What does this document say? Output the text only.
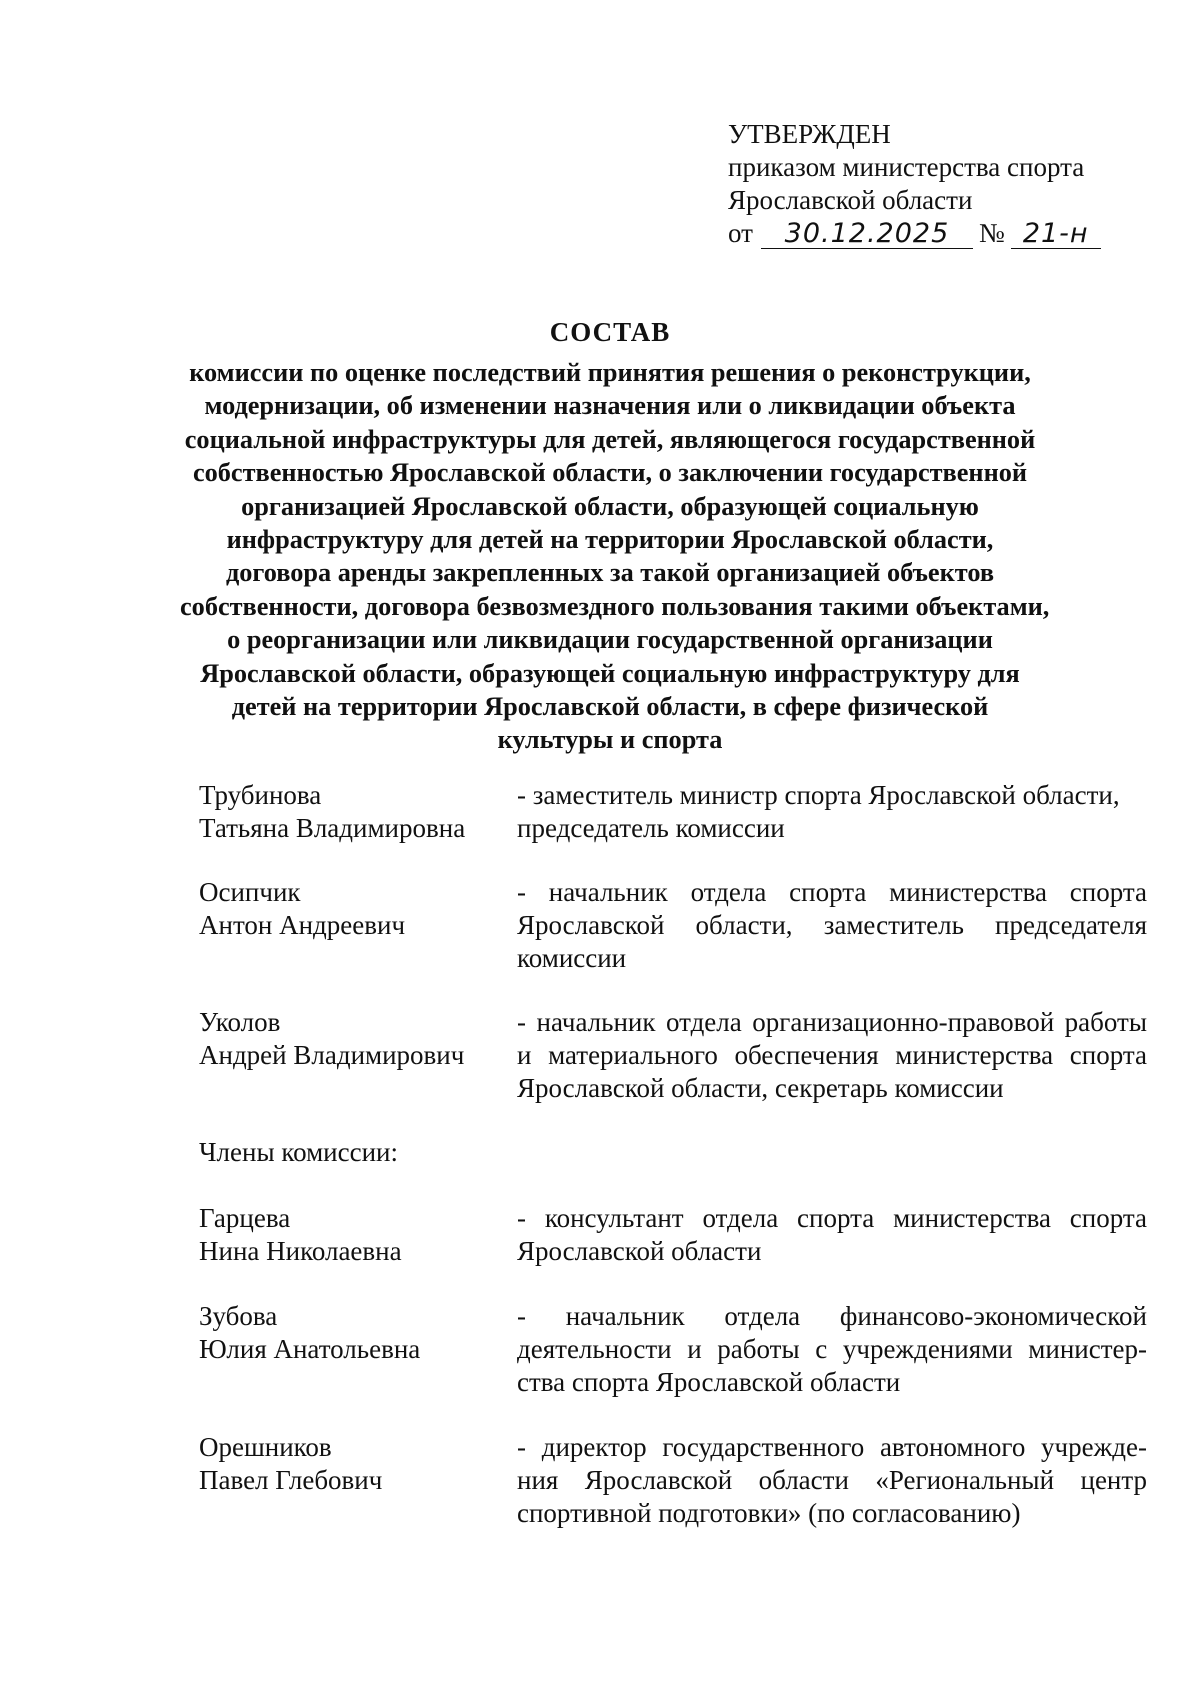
УТВЕРЖДЕН
приказом министерства спорта
Ярославской области
от 30.12.2025 № 21-н
СОСТАВ
комиссии по оценке последствий принятия решения о реконструкции,
модернизации, об изменении назначения или о ликвидации объекта
социальной инфраструктуры для детей, являющегося государственной
собственностью Ярославской области, о заключении государственной
организацией Ярославской области, образующей социальную
инфраструктуру для детей на территории Ярославской области,
договора аренды закрепленных за такой организацией объектов
собственности, договора безвозмездного пользования такими объектами,
о реорганизации или ликвидации государственной организации
Ярославской области, образующей социальную инфраструктуру для
детей на территории Ярославской области, в сфере физической
культуры и спорта
Трубинова
Татьяна Владимировна
- заместитель министр спорта Ярославской области,
председатель комиссии
Осипчик
Антон Андреевич
- начальник отдела спорта министерства спорта
Ярославской области, заместитель председателя
комиссии
Уколов
Андрей Владимирович
- начальник отдела организационно-правовой работы
и материального обеспечения министерства спорта
Ярославской области, секретарь комиссии
Члены комиссии:
Гарцева
Нина Николаевна
- консультант отдела спорта министерства спорта
Ярославской области
Зубова
Юлия Анатольевна
- начальник отдела финансово-экономической
деятельности и работы с учреждениями министер-
ства спорта Ярославской области
Орешников
Павел Глебович
- директор государственного автономного учрежде-
ния Ярославской области «Региональный центр
спортивной подготовки» (по согласованию)
